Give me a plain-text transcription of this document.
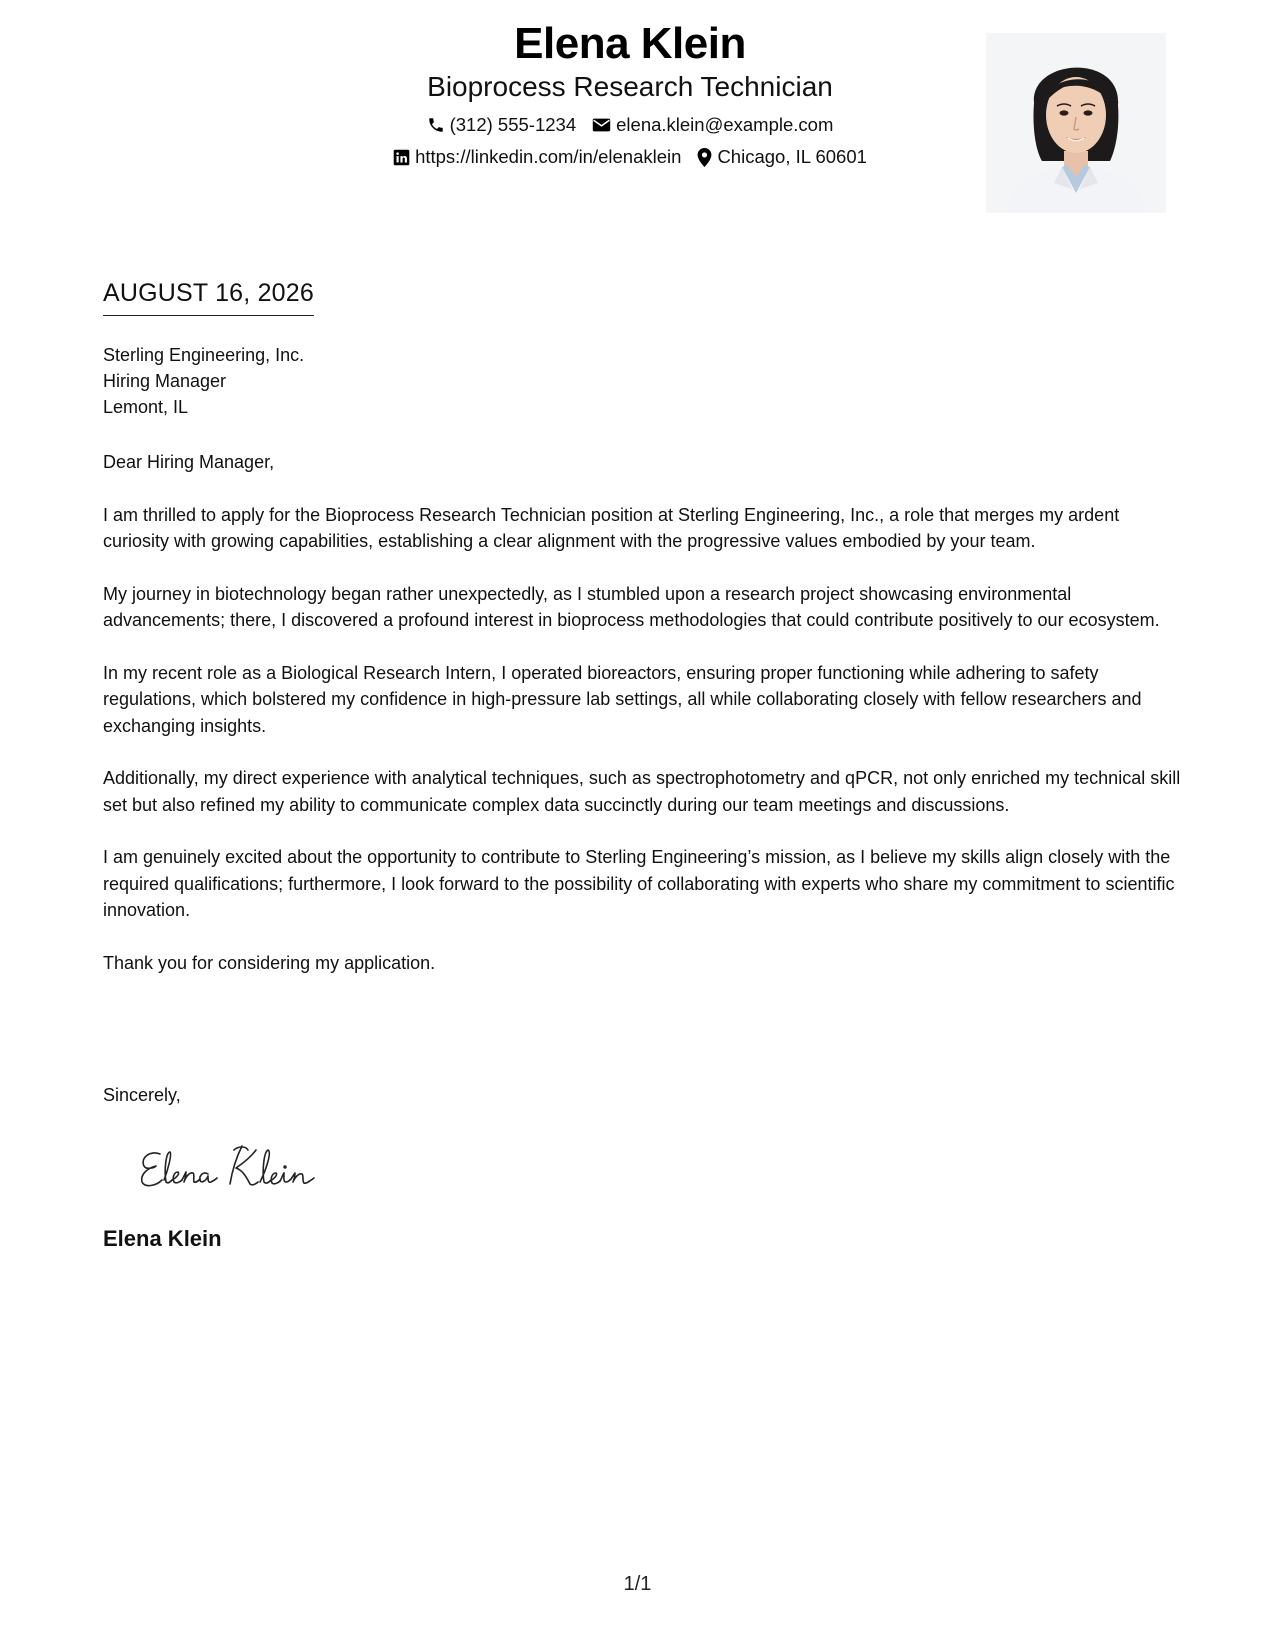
Elena Klein
Bioprocess Research Technician
(312) 555-1234 elena.klein@example.com
https://linkedin.com/in/elenaklein Chicago, IL 60601
AUGUST 16, 2026
Sterling Engineering, Inc.
Hiring Manager
Lemont, IL

Dear Hiring Manager,

I am thrilled to apply for the Bioprocess Research Technician position at Sterling Engineering, Inc., a role that merges my ardent curiosity with growing capabilities, establishing a clear alignment with the progressive values embodied by your team.

My journey in biotechnology began rather unexpectedly, as I stumbled upon a research project showcasing environmental advancements; there, I discovered a profound interest in bioprocess methodologies that could contribute positively to our ecosystem.

In my recent role as a Biological Research Intern, I operated bioreactors, ensuring proper functioning while adhering to safety regulations, which bolstered my confidence in high-pressure lab settings, all while collaborating closely with fellow researchers and exchanging insights.

Additionally, my direct experience with analytical techniques, such as spectrophotometry and qPCR, not only enriched my technical skill set but also refined my ability to communicate complex data succinctly during our team meetings and discussions.

I am genuinely excited about the opportunity to contribute to Sterling Engineering’s mission, as I believe my skills align closely with the required qualifications; furthermore, I look forward to the possibility of collaborating with experts who share my commitment to scientific innovation.

Thank you for considering my application.

Sincerely,
Elena Klein
1/1
